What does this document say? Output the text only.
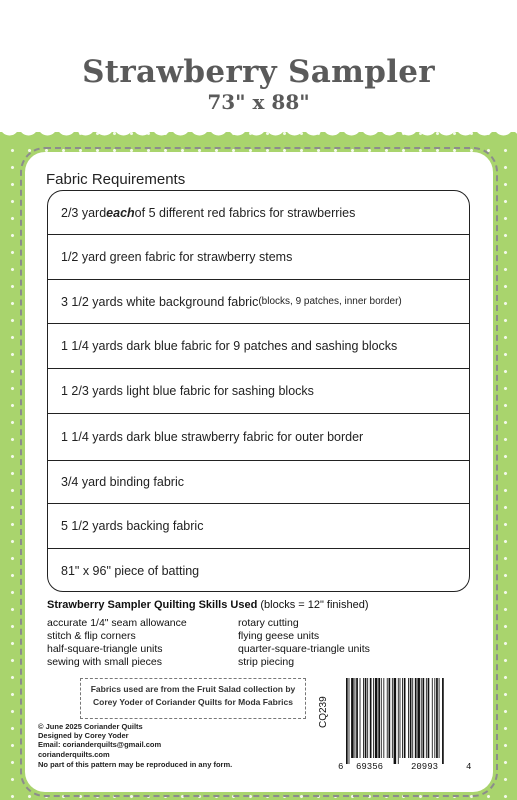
Strawberry Sampler
73" x 88"
Fabric Requirements
2/3 yard each of 5 different red fabrics for strawberries
1/2 yard green fabric for strawberry stems
3 1/2 yards white background fabric (blocks, 9 patches, inner border)
1 1/4 yards dark blue fabric for 9 patches and sashing blocks
1 2/3 yards light blue fabric for sashing blocks
1 1/4 yards dark blue strawberry fabric for outer border
3/4 yard binding fabric
5 1/2 yards backing fabric
81" x 96" piece of batting
Strawberry Sampler Quilting Skills Used (blocks = 12" finished)
accurate 1/4" seam allowance
stitch & flip corners
half-square-triangle units
sewing with small pieces
rotary cutting
flying geese units
quarter-square-triangle units
strip piecing
Fabrics used are from the Fruit Salad collection by
Corey Yoder of Coriander Quilts for Moda Fabrics
© June 2025 Coriander Quilts
Designed by Corey Yoder
Email: corianderquilts@gmail.com
corianderquilts.com
No part of this pattern may be reproduced in any form.
CQ239
6 69356	20993	4
